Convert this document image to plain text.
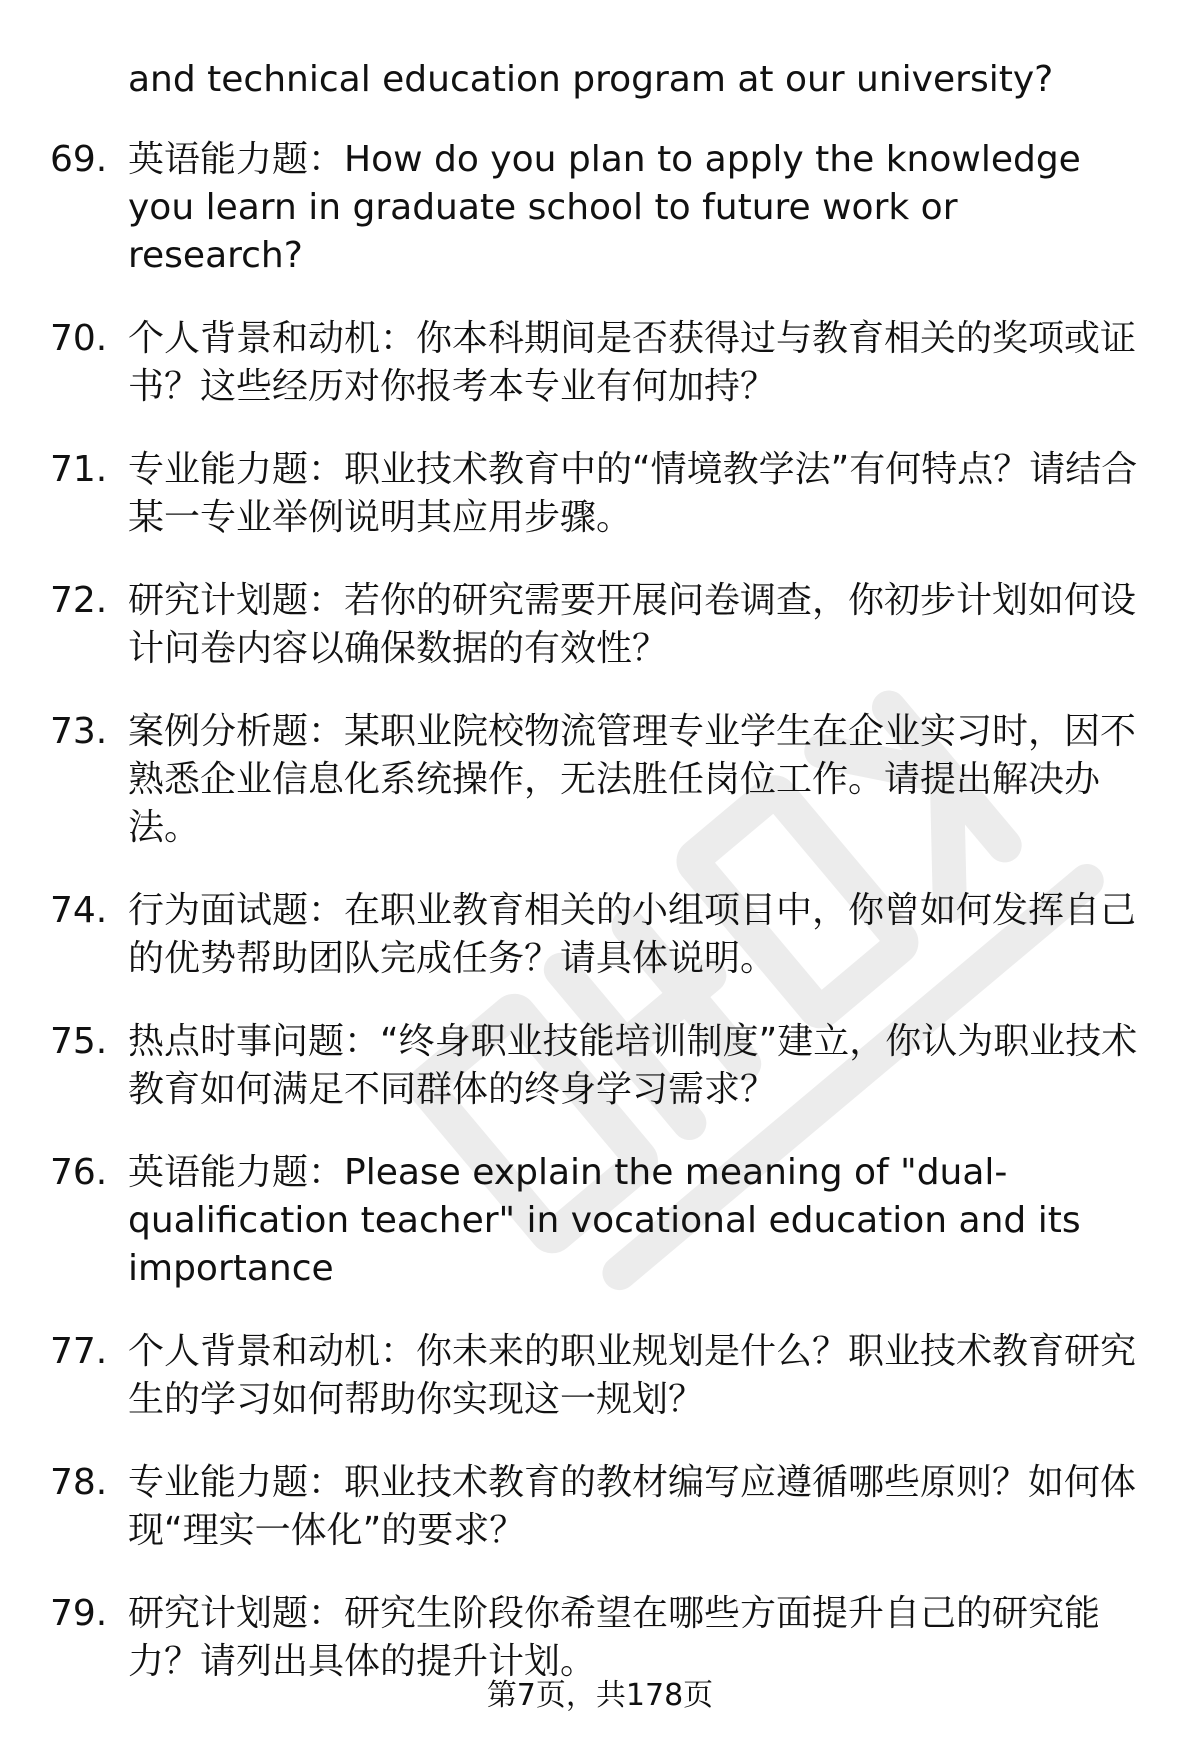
and technical education program at our university?

69. 英语能力题：How do you plan to apply the knowledge you learn in graduate school to future work or research?

70. 个人背景和动机：你本科期间是否获得过与教育相关的奖项或证书？这些经历对你报考本专业有何加持？

71. 专业能力题：职业技术教育中的“情境教学法”有何特点？请结合某一专业举例说明其应用步骤。

72. 研究计划题：若你的研究需要开展问卷调查，你初步计划如何设计问卷内容以确保数据的有效性？

73. 案例分析题：某职业院校物流管理专业学生在企业实习时，因不熟悉企业信息化系统操作，无法胜任岗位工作。请提出解决办法。

74. 行为面试题：在职业教育相关的小组项目中，你曾如何发挥自己的优势帮助团队完成任务？请具体说明。

75. 热点时事问题：“终身职业技能培训制度”建立，你认为职业技术教育如何满足不同群体的终身学习需求？

76. 英语能力题：Please explain the meaning of "dual-qualification teacher" in vocational education and its importance

77. 个人背景和动机：你未来的职业规划是什么？职业技术教育研究生的学习如何帮助你实现这一规划？

78. 专业能力题：职业技术教育的教材编写应遵循哪些原则？如何体现“理实一体化”的要求？

79. 研究计划题：研究生阶段你希望在哪些方面提升自己的研究能力？请列出具体的提升计划。

第7页，共178页
